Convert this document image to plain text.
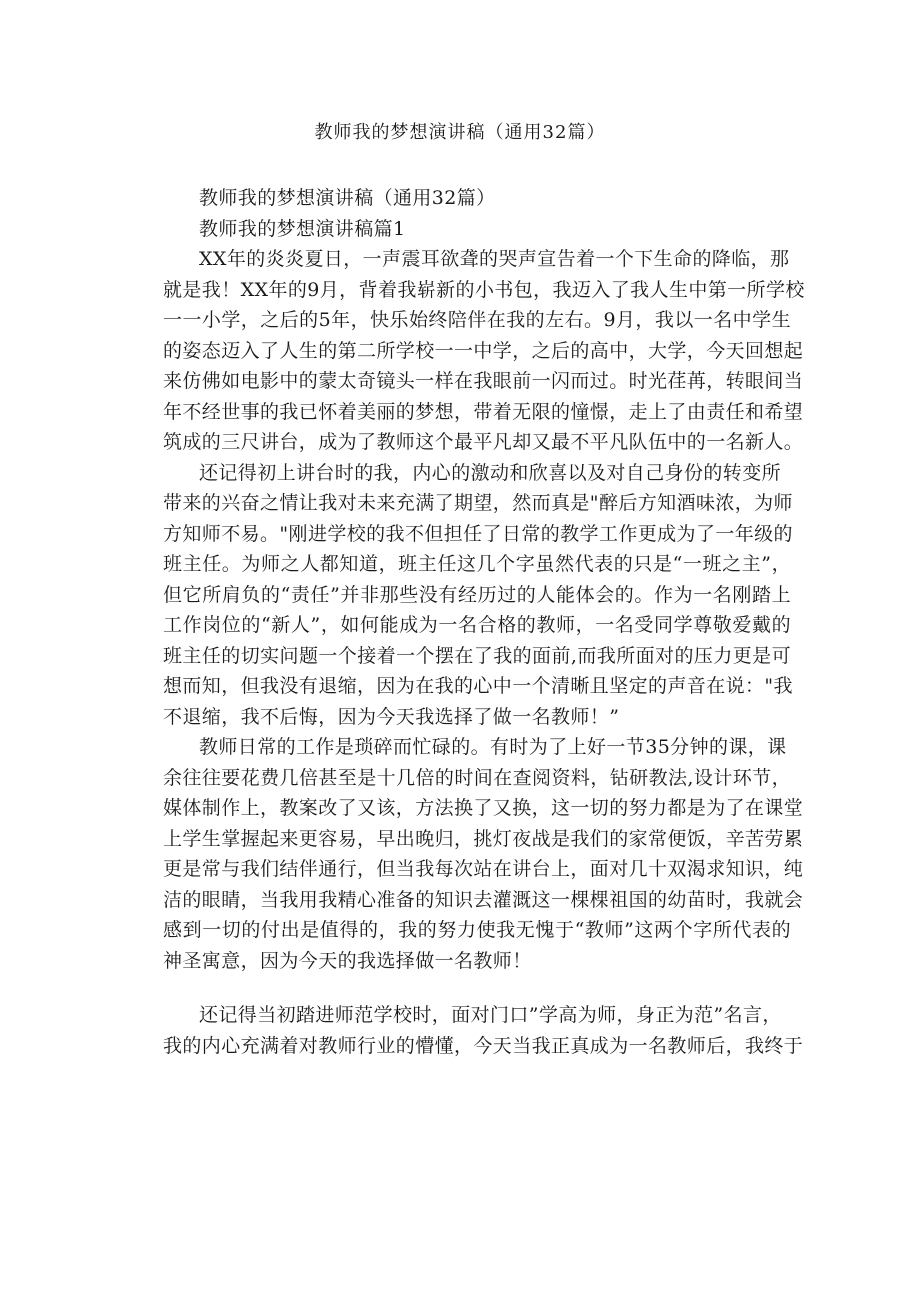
教师我的梦想演讲稿（通用32篇）
教师我的梦想演讲稿（通用32篇）
教师我的梦想演讲稿篇1
XX年的炎炎夏日，一声震耳欲聋的哭声宣告着一个下生命的降临，那
就是我！XX年的9月，背着我崭新的小书包，我迈入了我人生中第一所学校
一一小学，之后的5年，快乐始终陪伴在我的左右。9月，我以一名中学生
的姿态迈入了人生的第二所学校一一中学，之后的高中，大学，今天回想起
来仿佛如电影中的蒙太奇镜头一样在我眼前一闪而过。时光荏苒，转眼间当
年不经世事的我已怀着美丽的梦想，带着无限的憧憬，走上了由责任和希望
筑成的三尺讲台，成为了教师这个最平凡却又最不平凡队伍中的一名新人。
还记得初上讲台时的我，内心的激动和欣喜以及对自己身份的转变所
带来的兴奋之情让我对未来充满了期望，然而真是"醉后方知酒味浓，为师
方知师不易。"刚进学校的我不但担任了日常的教学工作更成为了一年级的
班主任。为师之人都知道，班主任这几个字虽然代表的只是“一班之主”，
但它所肩负的“责任”并非那些没有经历过的人能体会的。作为一名刚踏上
工作岗位的“新人”，如何能成为一名合格的教师，一名受同学尊敬爱戴的
班主任的切实问题一个接着一个摆在了我的面前,而我所面对的压力更是可
想而知，但我没有退缩，因为在我的心中一个清晰且坚定的声音在说："我
不退缩，我不后悔，因为今天我选择了做一名教师！”
教师日常的工作是琐碎而忙碌的。有时为了上好一节35分钟的课，课
余往往要花费几倍甚至是十几倍的时间在查阅资料，钻研教法,设计环节，
媒体制作上，教案改了又该，方法换了又换，这一切的努力都是为了在课堂
上学生掌握起来更容易，早出晚归，挑灯夜战是我们的家常便饭，辛苦劳累
更是常与我们结伴通行，但当我每次站在讲台上，面对几十双渴求知识，纯
洁的眼睛，当我用我精心准备的知识去灌溉这一棵棵祖国的幼苗时，我就会
感到一切的付出是值得的，我的努力使我无愧于“教师”这两个字所代表的
神圣寓意，因为今天的我选择做一名教师！
还记得当初踏进师范学校时，面对门口”学高为师，身正为范”名言，
我的内心充满着对教师行业的懵懂，今天当我正真成为一名教师后，我终于
